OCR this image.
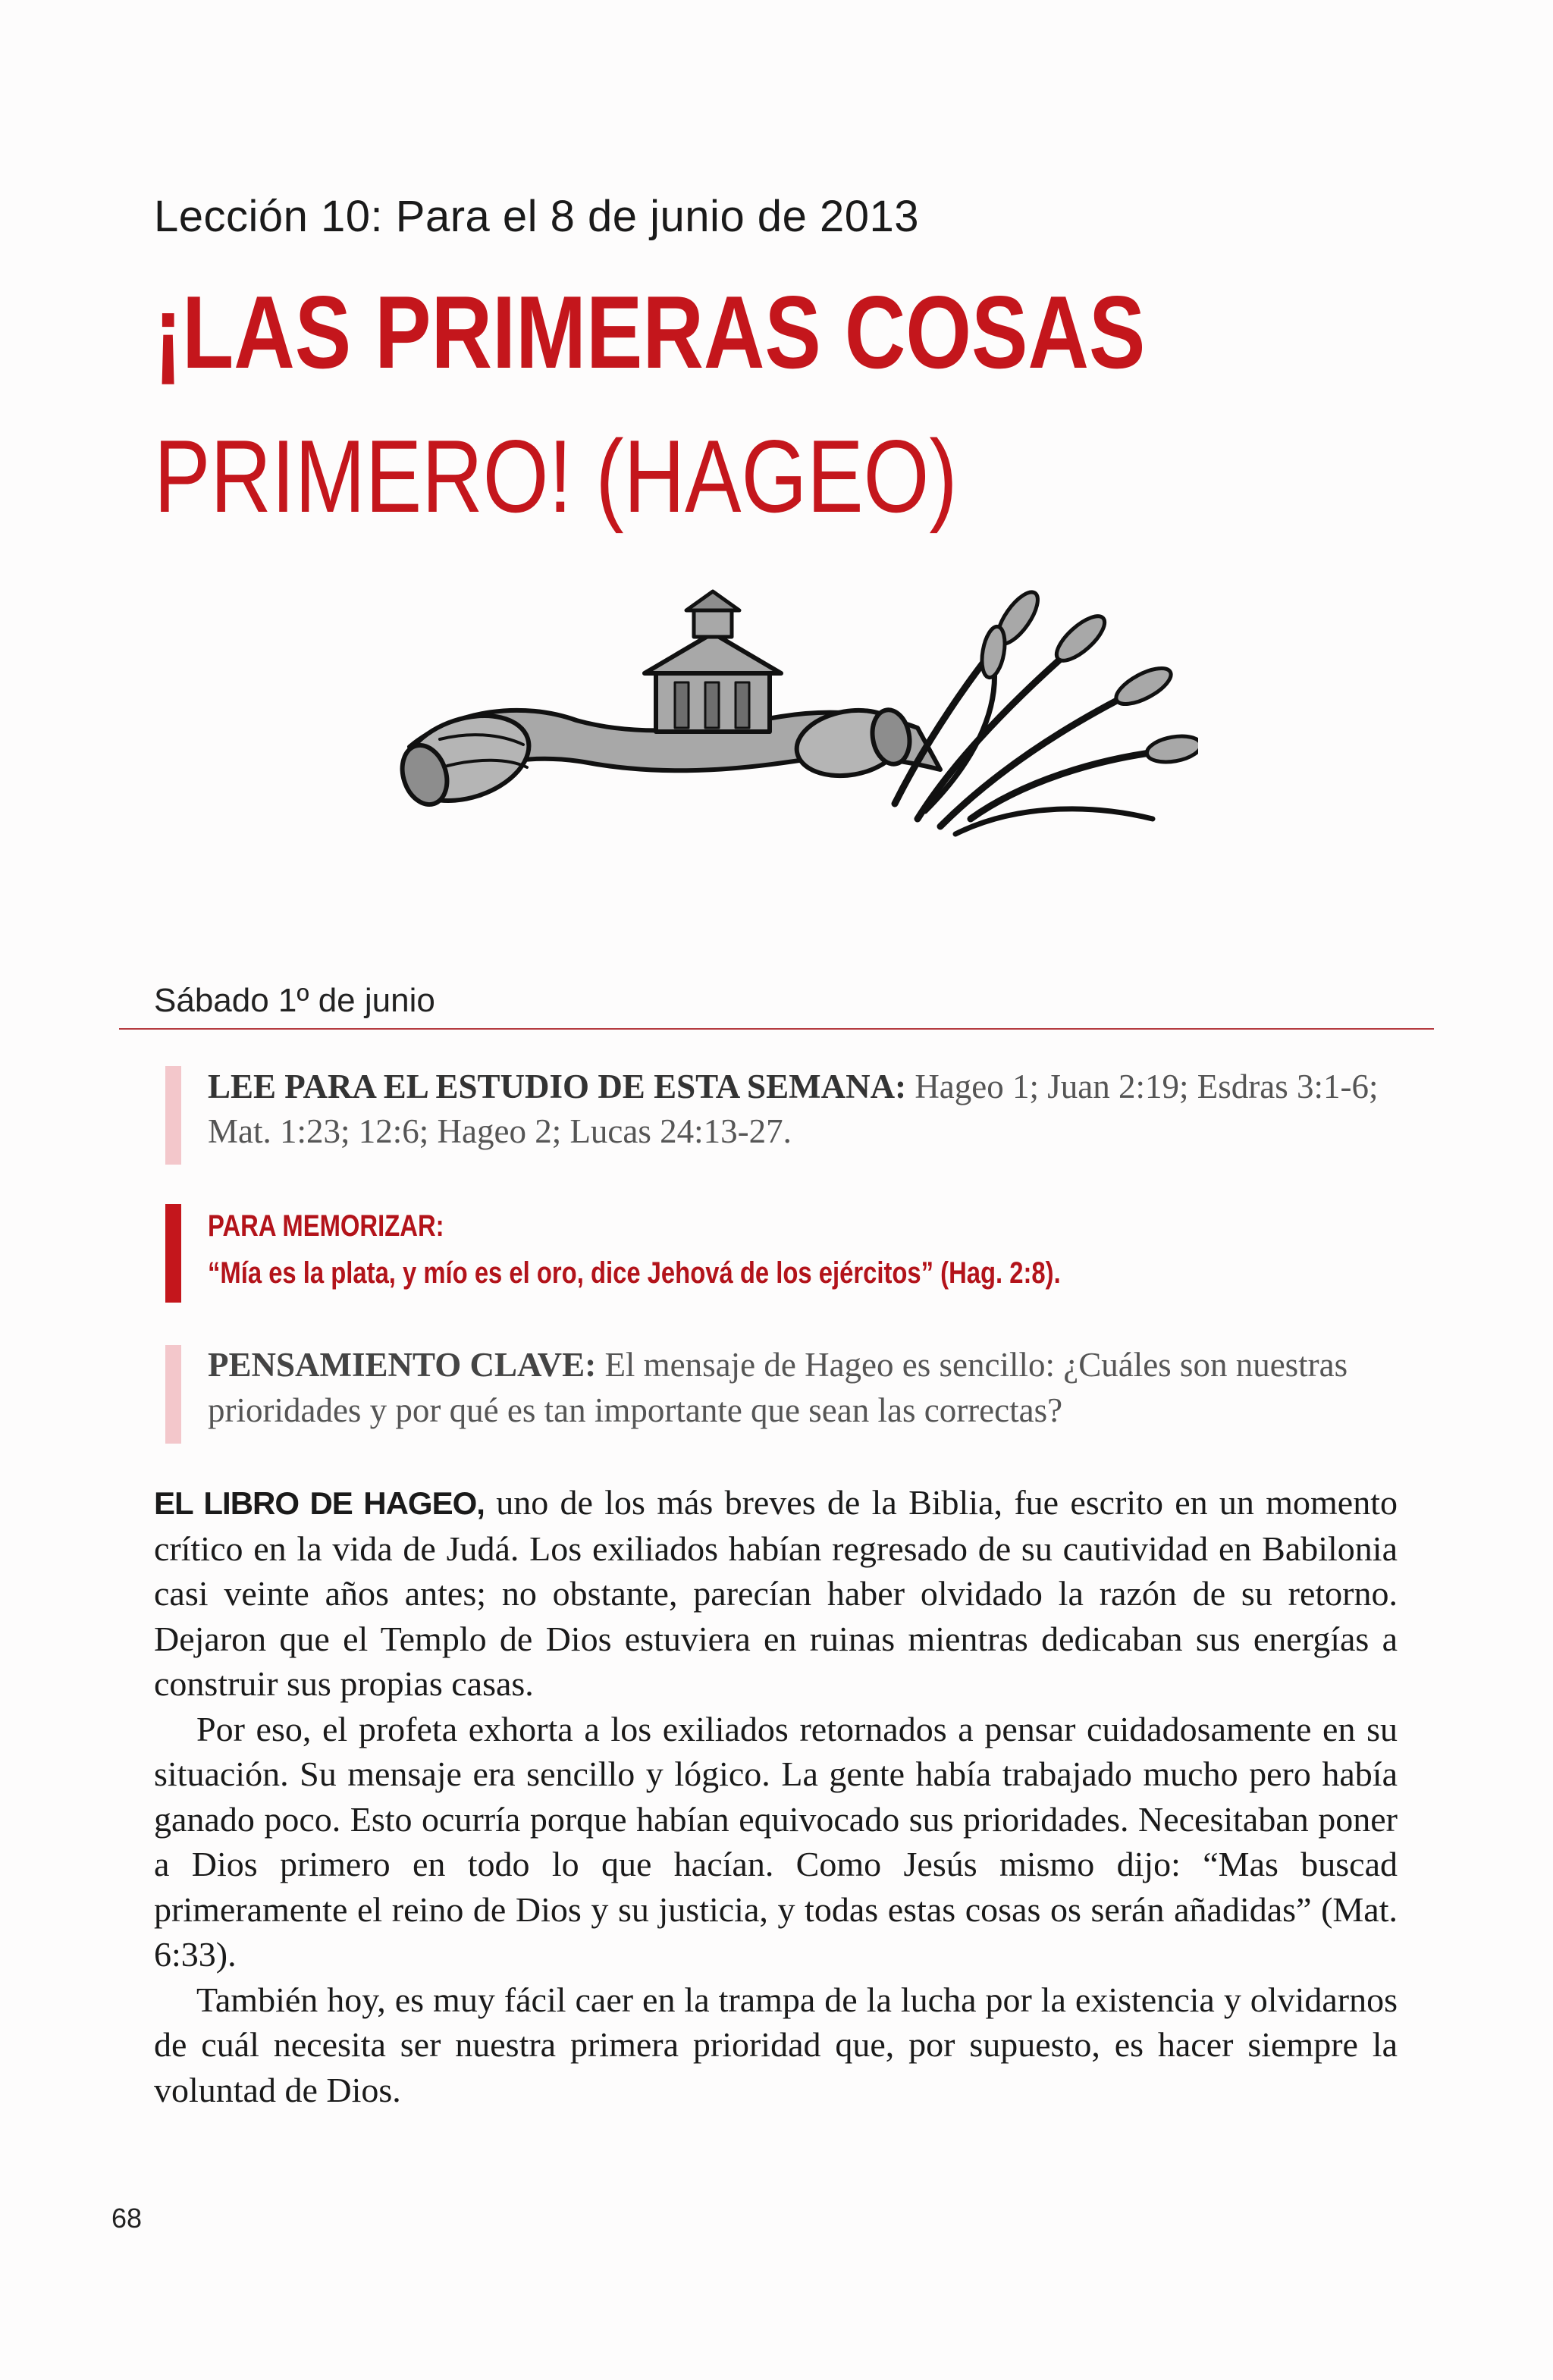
Lección 10: Para el 8 de junio de 2013
¡LAS PRIMERAS COSAS
PRIMERO! (HAGEO)
Sábado 1º de junio
LEE PARA EL ESTUDIO DE ESTA SEMANA: Hageo 1; Juan 2:19; Esdras 3:1-6; Mat. 1:23; 12:6; Hageo 2; Lucas 24:13-27.
PARA MEMORIZAR:
“Mía es la plata, y mío es el oro, dice Jehová de los ejércitos” (Hag. 2:8).
PENSAMIENTO CLAVE: El mensaje de Hageo es sencillo: ¿Cuáles son nuestras prioridades y por qué es tan importante que sean las correctas?

EL LIBRO DE HAGEO, uno de los más breves de la Biblia, fue escrito en un momento crítico en la vida de Judá. Los exiliados habían regresado de su cautividad en Babilonia casi veinte años antes; no obstante, parecían haber olvidado la razón de su retorno. Dejaron que el Templo de Dios estuviera en ruinas mientras dedicaban sus energías a construir sus propias casas.

Por eso, el profeta exhorta a los exiliados retornados a pensar cuidadosamente en su situación. Su mensaje era sencillo y lógico. La gente había trabajado mucho pero había ganado poco. Esto ocurría porque habían equivocado sus prioridades. Necesitaban poner a Dios primero en todo lo que hacían. Como Jesús mismo dijo: “Mas buscad primeramente el reino de Dios y su justicia, y todas estas cosas os serán añadidas” (Mat. 6:33).

También hoy, es muy fácil caer en la trampa de la lucha por la existencia y olvidarnos de cuál necesita ser nuestra primera prioridad que, por supuesto, es hacer siempre la voluntad de Dios.

68
